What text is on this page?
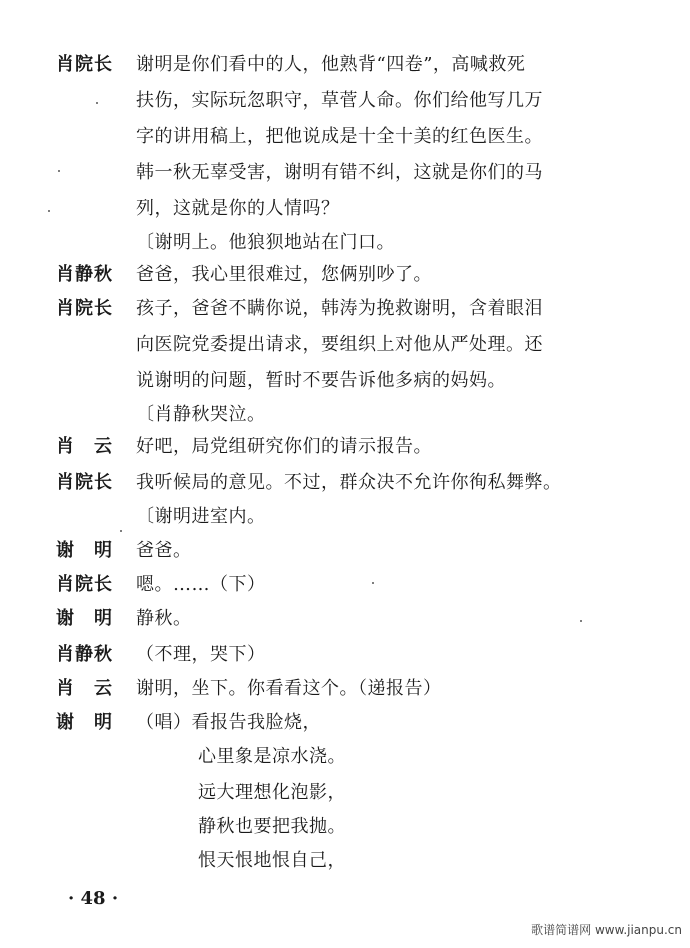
肖院长 谢明是你们看中的人，他熟背“四卷”，高喊救死
扶伤，实际玩忽职守，草菅人命。你们给他写几万
字的讲用稿上，把他说成是十全十美的红色医生。
韩一秋无辜受害，谢明有错不纠，这就是你们的马
列，这就是你的人情吗？
〔谢明上。他狼狈地站在门口。
肖静秋 爸爸，我心里很难过，您俩别吵了。
肖院长 孩子，爸爸不瞒你说，韩涛为挽救谢明，含着眼泪
向医院党委提出请求，要组织上对他从严处理。还
说谢明的问题，暂时不要告诉他多病的妈妈。
〔肖静秋哭泣。
肖　云 好吧，局党组研究你们的请示报告。
肖院长 我听候局的意见。不过，群众决不允许你徇私舞弊。
〔谢明进室内。
谢　明 爸爸。
肖院长 嗯。……（下）
谢　明 静秋。
肖静秋 （不理，哭下）
肖　云 谢明，坐下。你看看这个。（递报告）
谢　明 （唱）看报告我脸烧，
心里象是凉水浇。
远大理想化泡影，
静秋也要把我抛。
恨天恨地恨自己，
· 48 ·
歌谱简谱网 www.jianpu.cn
